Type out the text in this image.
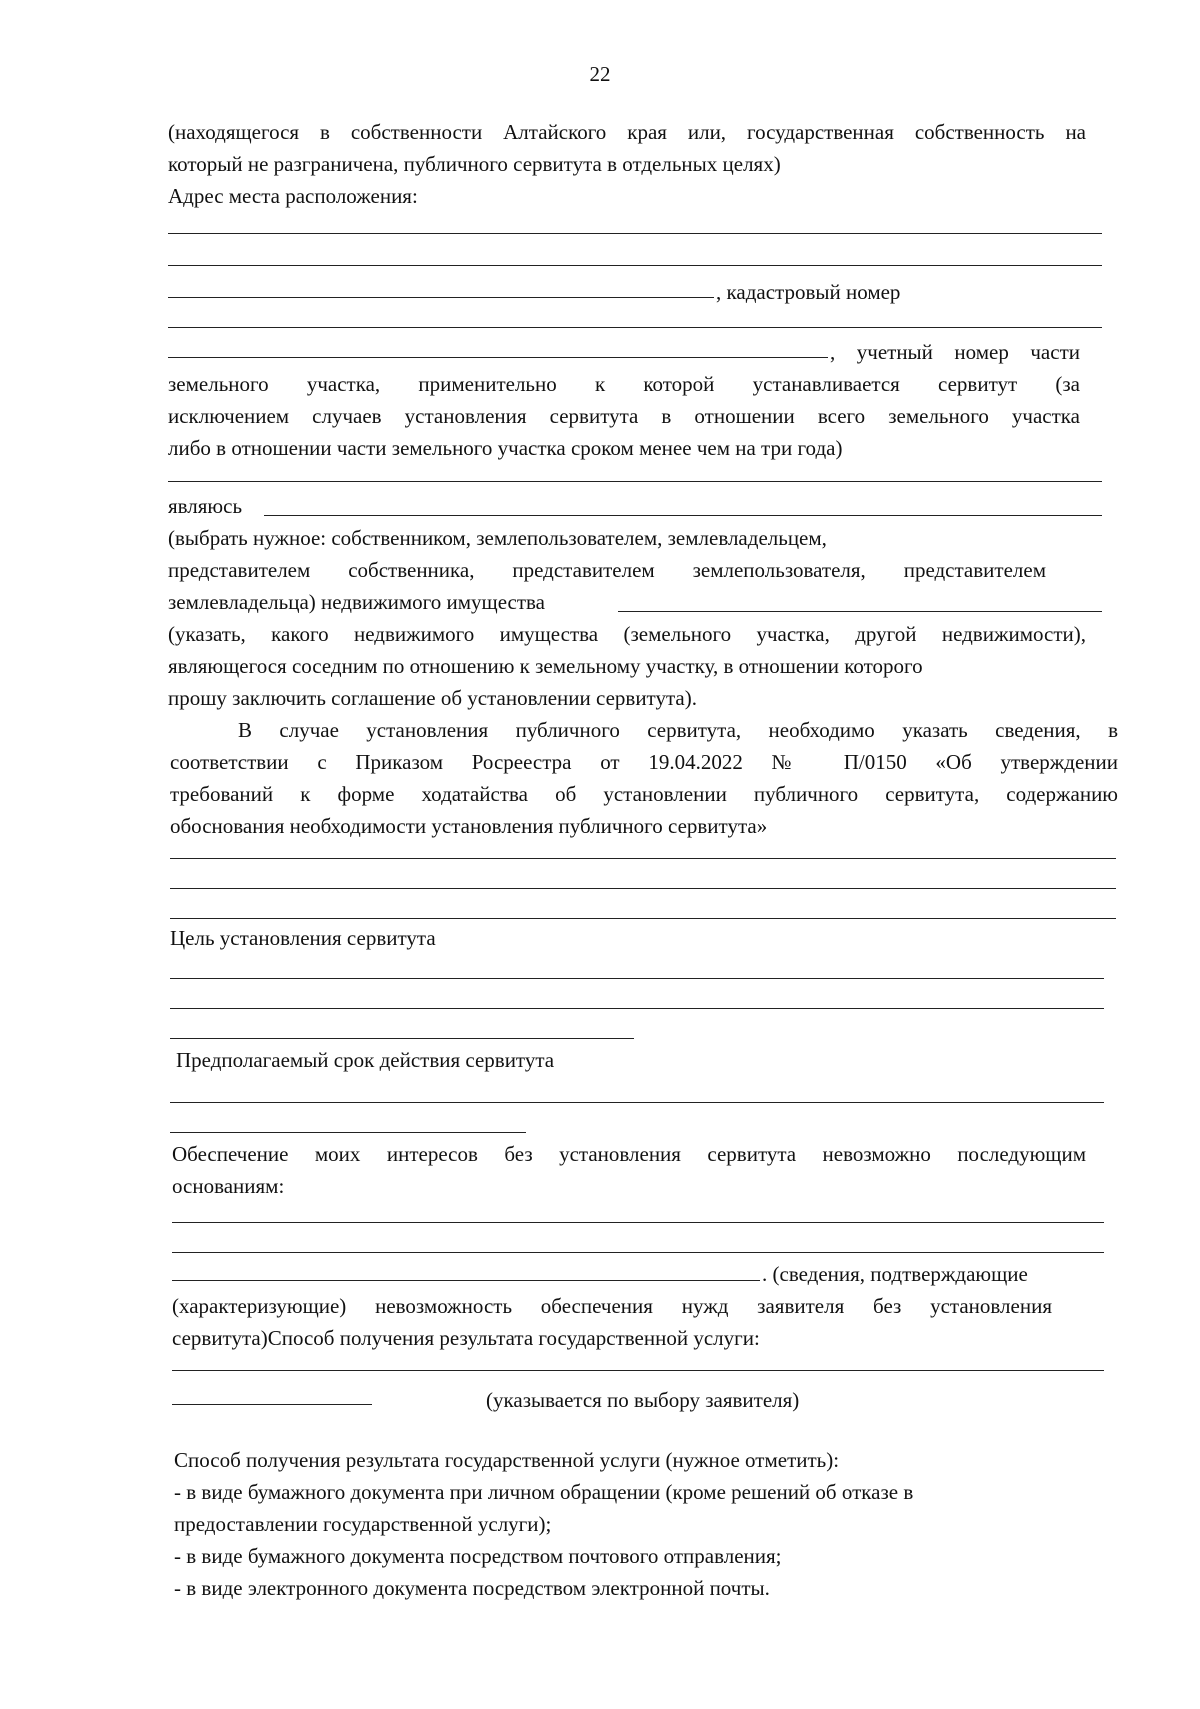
22
(находящегося в собственности Алтайского края или, государственная собственность на
который не разграничена, публичного сервитута в отдельных целях)
Адрес места расположения:
, кадастровый номер
, учетный номер части
земельного участка, применительно к которой устанавливается сервитут (за
исключением случаев установления сервитута в отношении всего земельного участка
либо в отношении части земельного участка сроком менее чем на три года)
являюсь
(выбрать нужное: собственником, землепользователем, землевладельцем,
представителем собственника, представителем землепользователя, представителем
землевладельца) недвижимого имущества
(указать, какого недвижимого имущества (земельного участка, другой недвижимости),
являющегося соседним по отношению к земельному участку, в отношении которого
прошу заключить соглашение об установлении сервитута).
В случае установления публичного сервитута, необходимо указать сведения, в
соответствии с Приказом Росреестра от 19.04.2022 № П/0150 «Об утверждении
требований к форме ходатайства об установлении публичного сервитута, содержанию
обоснования необходимости установления публичного сервитута»
Цель установления сервитута
Предполагаемый срок действия сервитута
Обеспечение моих интересов без установления сервитута невозможно последующим
основаниям:
. (сведения, подтверждающие
(характеризующие) невозможность обеспечения нужд заявителя без установления
сервитута)Способ получения результата государственной услуги:
(указывается по выбору заявителя)
Способ получения результата государственной услуги (нужное отметить):
- в виде бумажного документа при личном обращении (кроме решений об отказе в
предоставлении государственной услуги);
- в виде бумажного документа посредством почтового отправления;
- в виде электронного документа посредством электронной почты.
